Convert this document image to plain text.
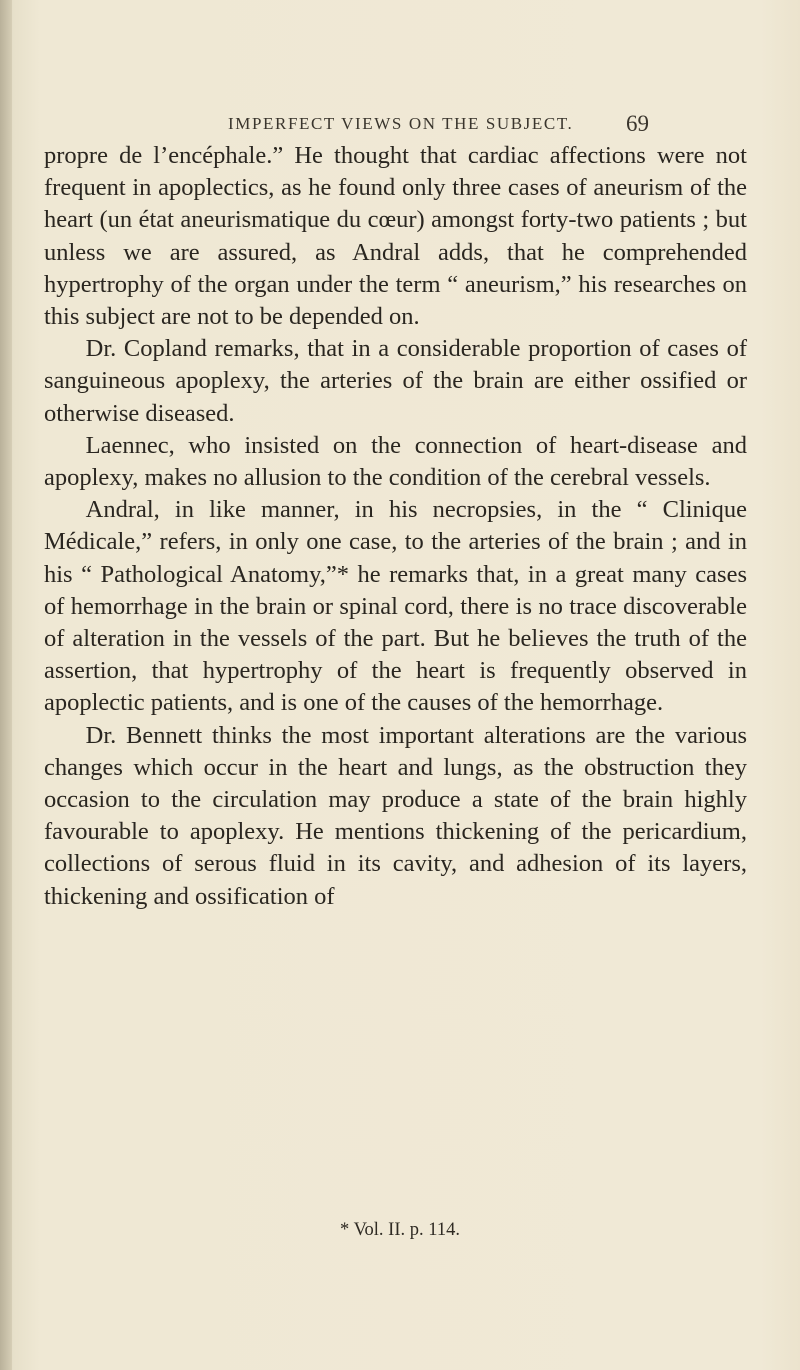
IMPERFECT VIEWS ON THE SUBJECT. 69

propre de l’encéphale.” He thought that cardiac affections were not frequent in apoplectics, as he found only three cases of aneurism of the heart (un état aneurismatique du cœur) amongst forty-two patients ; but unless we are assured, as Andral adds, that he comprehended hypertrophy of the organ under the term “ aneurism,” his researches on this subject are not to be depended on.

Dr. Copland remarks, that in a considerable proportion of cases of sanguineous apoplexy, the arteries of the brain are either ossified or otherwise diseased.

Laennec, who insisted on the connection of heart-disease and apoplexy, makes no allusion to the condition of the cerebral vessels.

Andral, in like manner, in his necropsies, in the “ Clinique Médicale,” refers, in only one case, to the arteries of the brain ; and in his “ Pathological Anatomy,”* he remarks that, in a great many cases of hemorrhage in the brain or spinal cord, there is no trace discoverable of alteration in the vessels of the part. But he believes the truth of the assertion, that hypertrophy of the heart is frequently observed in apoplectic patients, and is one of the causes of the hemorrhage.

Dr. Bennett thinks the most important alterations are the various changes which occur in the heart and lungs, as the obstruction they occasion to the circulation may produce a state of the brain highly favourable to apoplexy. He mentions thickening of the pericardium, collections of serous fluid in its cavity, and adhesion of its layers, thickening and ossification of

* Vol. II. p. 114.
